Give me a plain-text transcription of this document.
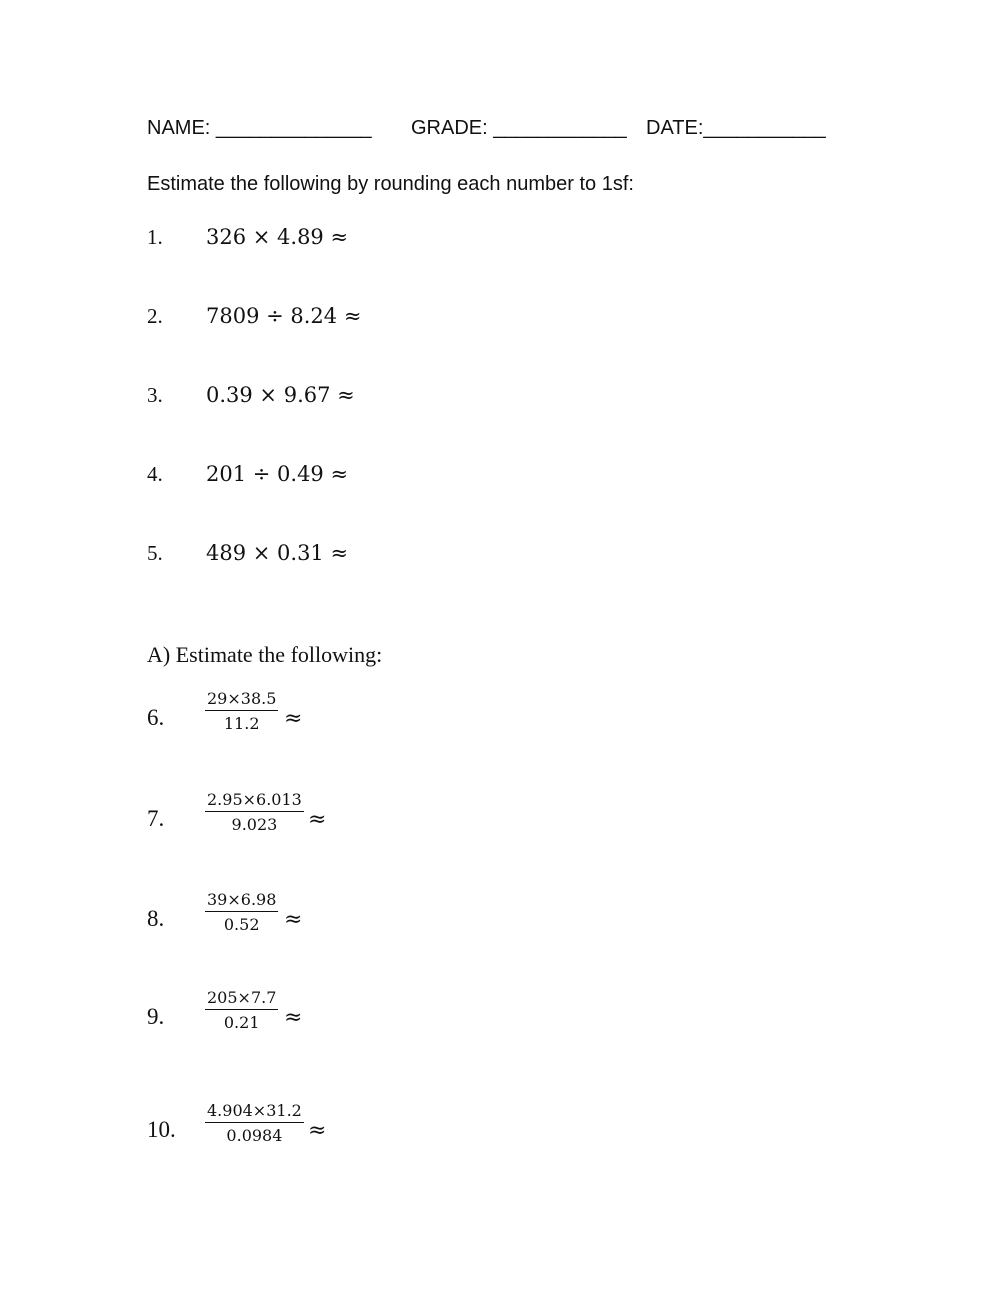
NAME: ______________ GRADE: ____________ DATE:___________
Estimate the following by rounding each number to 1sf:
1. 326 × 4.89 ≈
2. 7809 ÷ 8.24 ≈
3. 0.39 × 9.67 ≈
4. 201 ÷ 0.49 ≈
5. 489 × 0.31 ≈
A) Estimate the following:
6.
29×38.5
11.2 ≈
7.
2.95×6.013
9.023 ≈
8.
39×6.98
0.52 ≈
9.
205×7.7
0.21 ≈
10.
4.904×31.2
0.0984 ≈
